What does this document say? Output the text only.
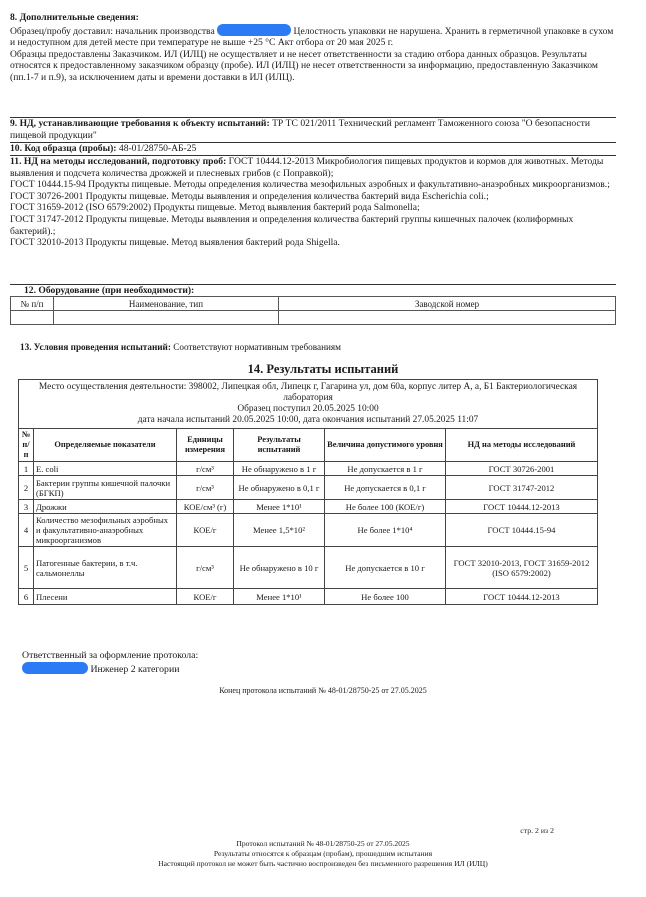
8. Дополнительные сведения:

Образец/пробу доставил: начальник производства	Целостность упаковки не нарушена. Хранить в герметичной упаковке в сухом и недоступном для детей месте при температуре не выше +25 °С Акт отбора от 20 мая 2025 г.

Образцы предоставлены Заказчиком. ИЛ (ИЛЦ) не осуществляет и не несет ответственности за стадию отбора данных образцов. Результаты относятся к предоставленному заказчиком образцу (пробе). ИЛ (ИЛЦ) не несет ответственности за информацию, предоставленную Заказчиком (пп.1-7 и п.9), за исключением даты и времени доставки в ИЛ (ИЛЦ).

9. НД, устанавливающие требования к объекту испытаний: ТР ТС 021/2011 Технический регламент Таможенного союза "О безопасности пищевой продукции"

10. Код образца (пробы): 48-01/28750-АБ-25

11. НД на методы исследований, подготовку проб: ГОСТ 10444.12-2013 Микробиология пищевых продуктов и кормов для животных. Методы выявления и подсчета количества дрожжей и плесневых грибов (с Поправкой);

ГОСТ 10444.15-94 Продукты пищевые. Методы определения количества мезофильных аэробных и факультативно-анаэробных микроорганизмов.;

ГОСТ 30726-2001 Продукты пищевые. Методы выявления и определения количества бактерий вида Escherichia coli.;

ГОСТ 31659-2012 (ISO 6579:2002) Продукты пищевые. Метод выявления бактерий рода Salmonella;

ГОСТ 31747-2012 Продукты пищевые. Методы выявления и определения количества бактерий группы кишечных палочек (колиформных бактерий).;

ГОСТ 32010-2013 Продукты пищевые. Метод выявления бактерий рода Shigella.

12. Оборудование (при необходимости):

№ п/п	Наименование, тип	Заводской номер

13. Условия проведения испытаний: Соответствуют нормативным требованиям

14. Результаты испытаний
Место осуществления деятельности: 398002, Липецкая обл, Липецк г, Гагарина ул, дом 60а, корпус литер А, а, Б1 Бактериологическая лаборатория
Образец поступил 20.05.2025 10:00
дата начала испытаний 20.05.2025 10:00, дата окончания испытаний 27.05.2025 11:07					

№ п/п	Определяемые показатели	Единицы измерения	Результаты испытаний	Величина допустимого уровня	НД на методы исследований
1	E. coli	г/см³	Не обнаружено в 1 г	Не допускается в 1 г	ГОСТ 30726-2001
2	Бактерии группы кишечной палочки (БГКП)	г/см³	Не обнаружено в 0,1 г	Не допускается в 0,1 г	ГОСТ 31747-2012
3	Дрожжи	КОЕ/см³ (г)	Менее 1*10¹	Не более 100 (КОЕ/г)	ГОСТ 10444.12-2013
4	Количество мезофильных аэробных и факультативно-анаэробных микроорганизмов	КОЕ/г	Менее 1,5*10²	Не более 1*10⁴	ГОСТ 10444.15-94
5	Патогенные бактерии, в т.ч. сальмонеллы	г/см³	Не обнаружено в 10 г	Не допускается в 10 г	ГОСТ 32010-2013, ГОСТ 31659-2012 (ISO 6579:2002)
6	Плесени	КОЕ/г	Менее 1*10¹	Не более 100	ГОСТ 10444.12-2013
Ответственный за оформление протокола:
Инженер 2 категории
Конец протокола испытаний № 48-01/28750-25 от 27.05.2025
стр. 2 из 2
Протокол испытаний № 48-01/28750-25 от 27.05.2025
Результаты относятся к образцам (пробам), прошедшим испытания
Настоящий протокол не может быть частично воспроизведен без письменного разрешения ИЛ (ИЛЦ)
